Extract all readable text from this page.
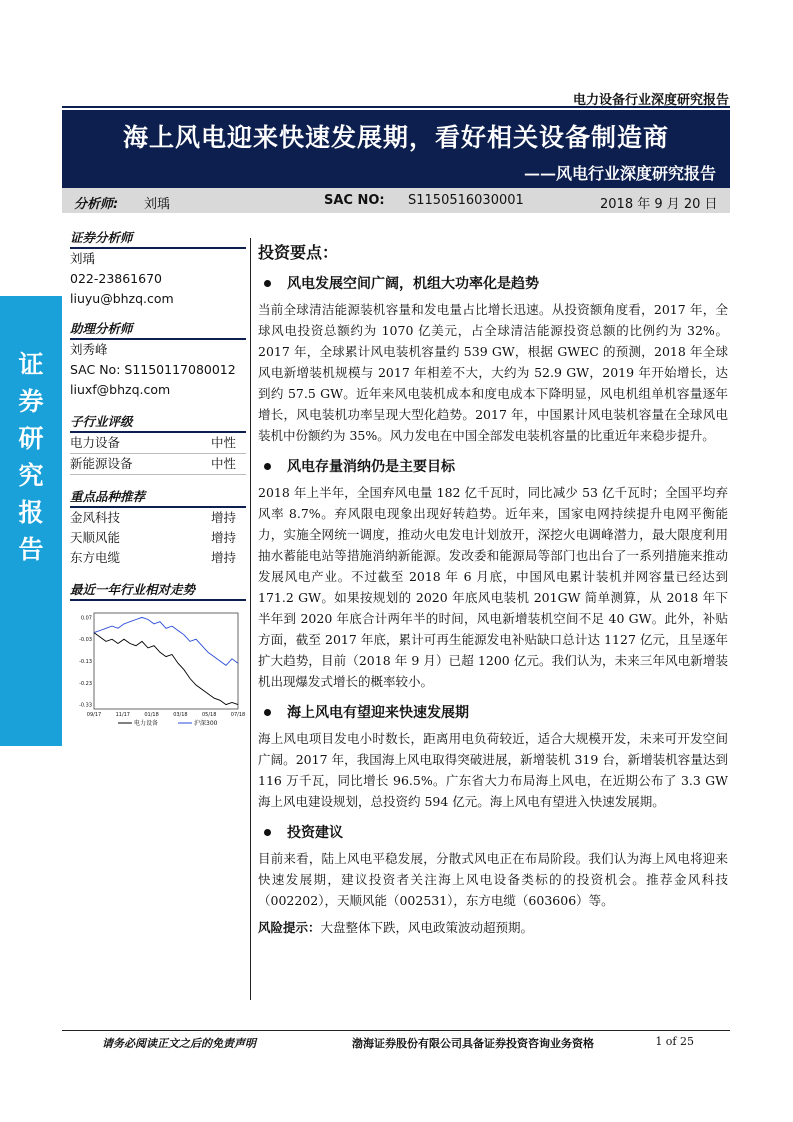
电力设备行业深度研究报告
海上风电迎来快速发展期，看好相关设备制造商
——风电行业深度研究报告
分析师: 刘瑀	SAC NO: S1150516030001	2018 年 9 月 20 日
证券研究报告
证券分析师
刘瑀
022-23861670
liuyu@bhzq.com
助理分析师
刘秀峰
SAC No: S1150117080012
liuxf@bhzq.com
子行业评级
电力设备	中性
新能源设备	中性
重点品种推荐
金风科技	增持
天顺风能	增持
东方电缆	增持
最近一年行业相对走势
0.07
-0.03
-0.13
-0.23
-0.33
09/17	11/17	01/18	03/18	05/18	07/18
电力设备	沪深300
投资要点：
风电发展空间广阔，机组大功率化是趋势

当前全球清洁能源装机容量和发电量占比增长迅速。从投资额角度看，2017 年，全球风电投资总额约为 1070 亿美元，占全球清洁能源投资总额的比例约为 32%。2017 年，全球累计风电装机容量约 539 GW，根据 GWEC 的预测，2018 年全球风电新增装机规模与 2017 年相差不大，大约为 52.9 GW，2019 年开始增长，达到约 57.5 GW。近年来风电装机成本和度电成本下降明显，风电机组单机容量逐年增长，风电装机功率呈现大型化趋势。2017 年，中国累计风电装机容量在全球风电装机中份额约为 35%。风力发电在中国全部发电装机容量的比重近年来稳步提升。

风电存量消纳仍是主要目标

2018 年上半年，全国弃风电量 182 亿千瓦时，同比减少 53 亿千瓦时；全国平均弃风率 8.7%。弃风限电现象出现好转趋势。近年来，国家电网持续提升电网平衡能力，实施全网统一调度，推动火电发电计划放开，深挖火电调峰潜力，最大限度利用抽水蓄能电站等措施消纳新能源。发改委和能源局等部门也出台了一系列措施来推动发展风电产业。不过截至 2018 年 6 月底，中国风电累计装机并网容量已经达到 171.2 GW。如果按规划的 2020 年底风电装机 201GW 简单测算，从 2018 年下半年到 2020 年底合计两年半的时间，风电新增装机空间不足 40 GW。此外，补贴方面，截至 2017 年底，累计可再生能源发电补贴缺口总计达 1127 亿元，且呈逐年扩大趋势，目前（2018 年 9 月）已超 1200 亿元。我们认为，未来三年风电新增装机出现爆发式增长的概率较小。

海上风电有望迎来快速发展期

海上风电项目发电小时数长，距离用电负荷较近，适合大规模开发，未来可开发空间广阔。2017 年，我国海上风电取得突破进展，新增装机 319 台，新增装机容量达到 116 万千瓦，同比增长 96.5%。广东省大力布局海上风电，在近期公布了 3.3 GW 海上风电建设规划，总投资约 594 亿元。海上风电有望进入快速发展期。

投资建议

目前来看，陆上风电平稳发展，分散式风电正在布局阶段。我们认为海上风电将迎来快速发展期，建议投资者关注海上风电设备类标的的投资机会。推荐金风科技（002202），天顺风能（002531），东方电缆（603606）等。

风险提示：大盘整体下跌，风电政策波动超预期。
请务必阅读正文之后的免责声明	渤海证券股份有限公司具备证券投资咨询业务资格	1 of 25
